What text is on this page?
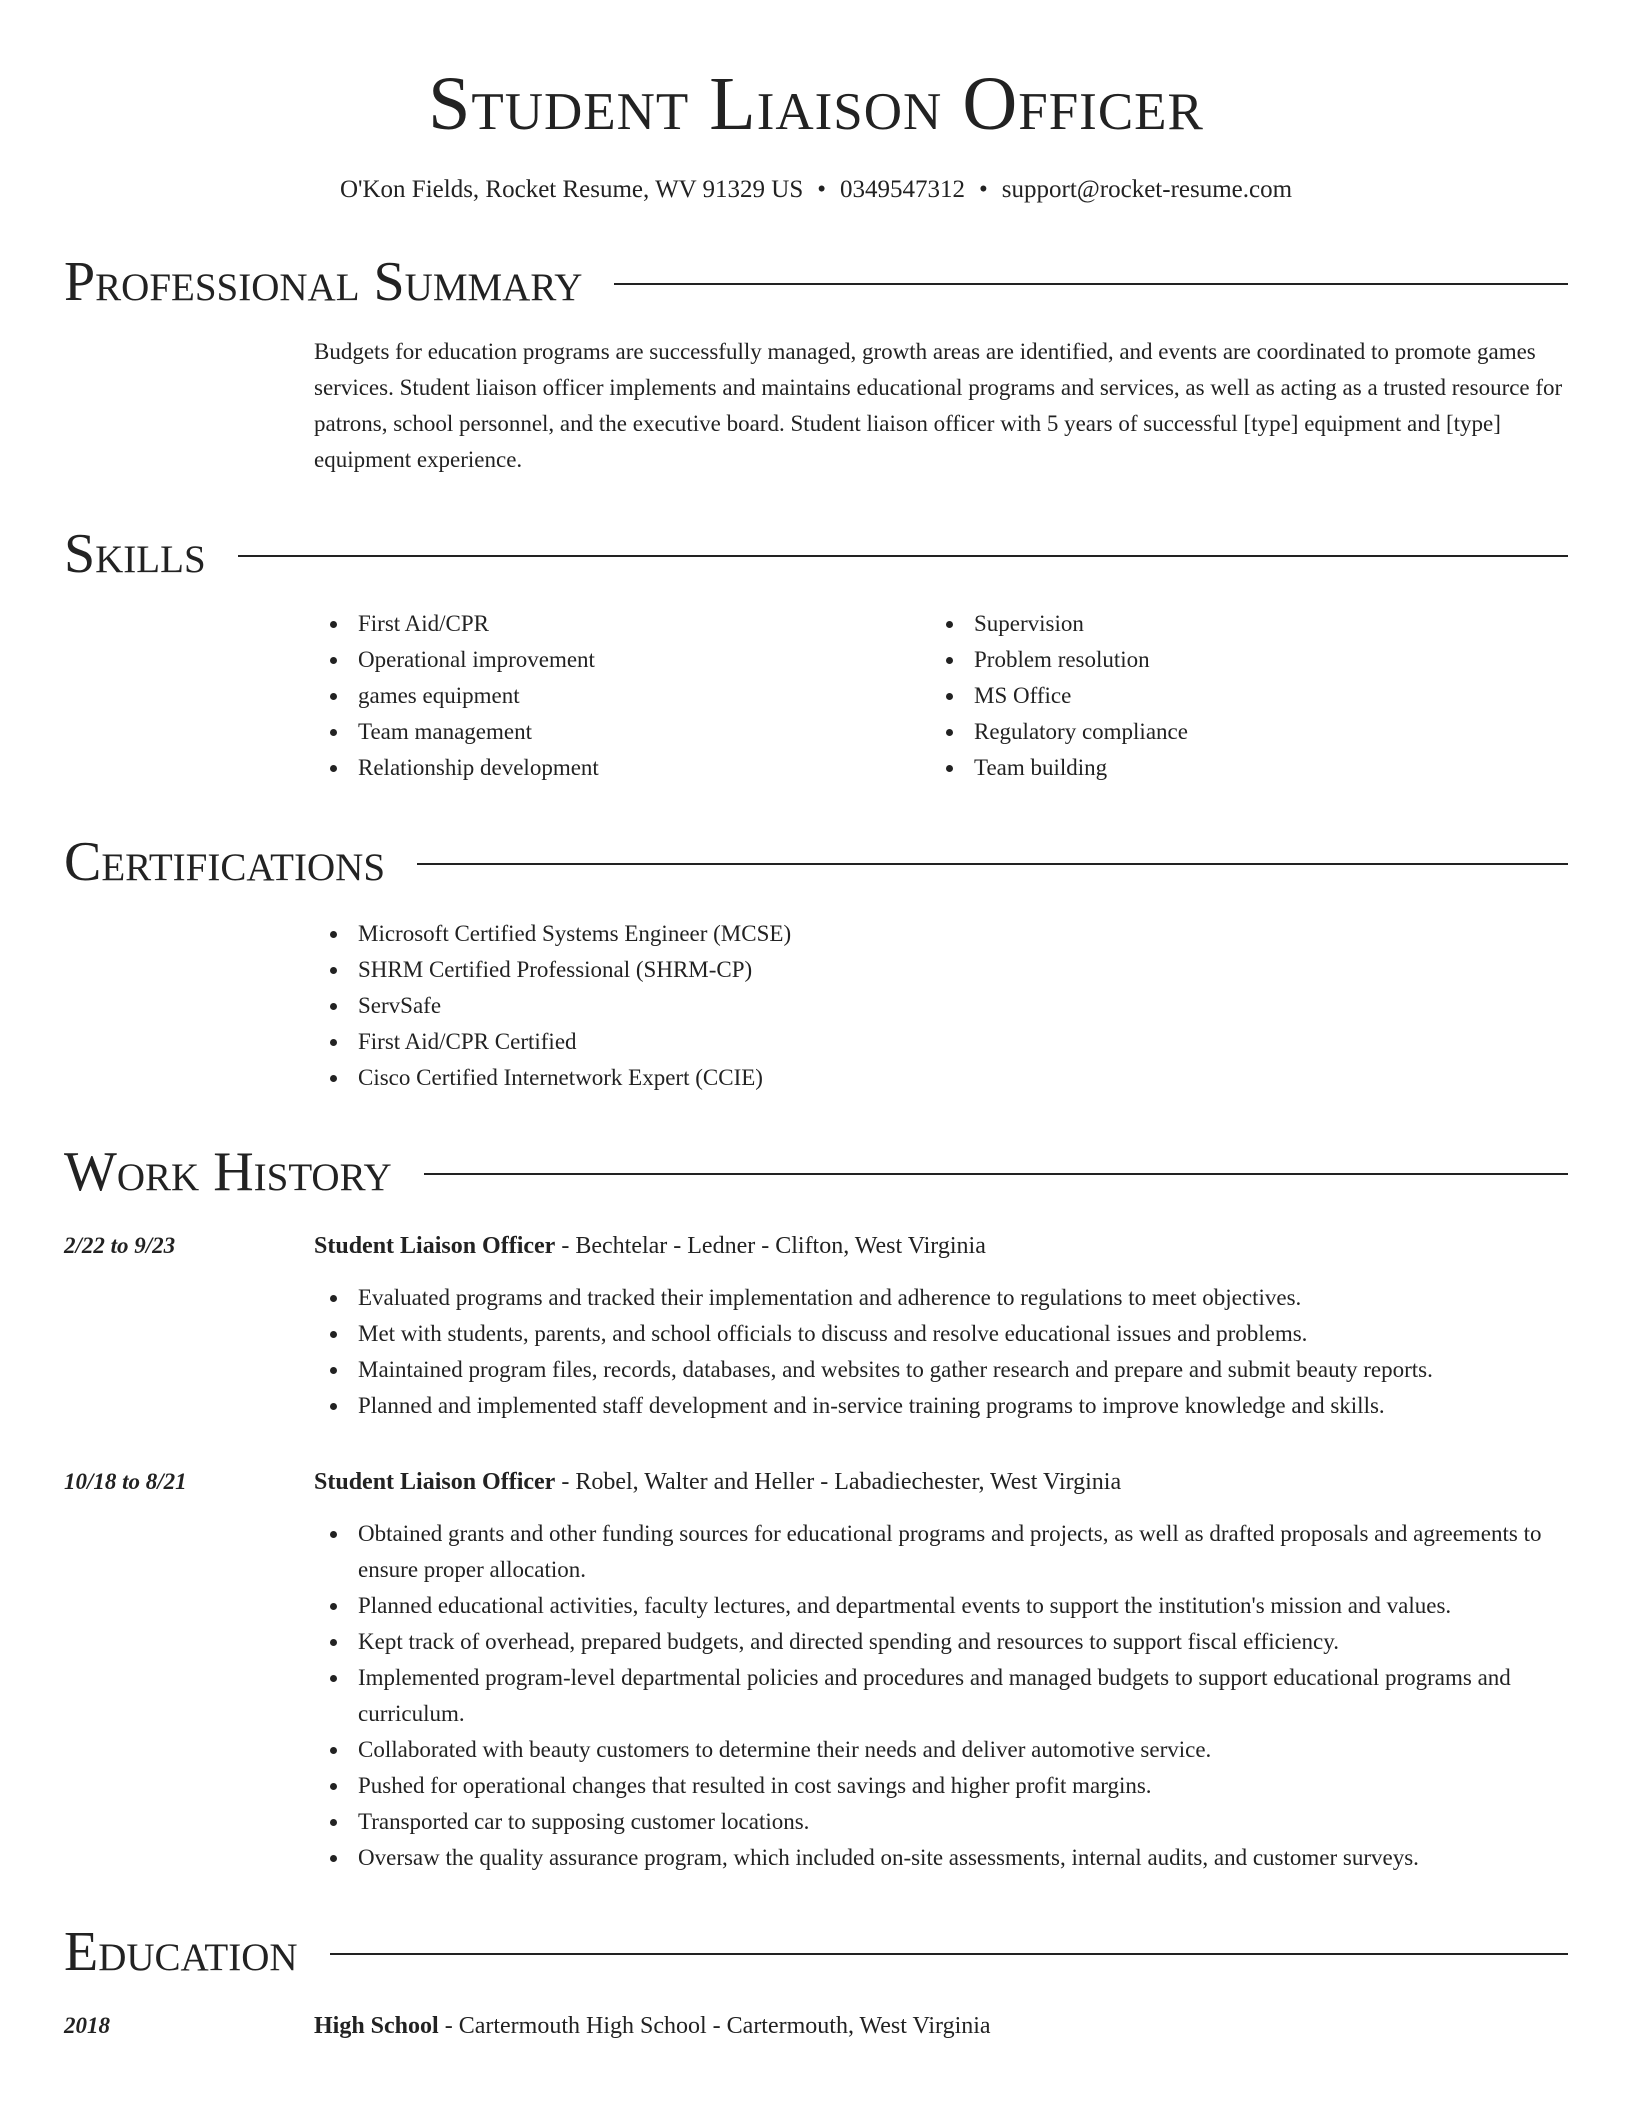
Student Liaison Officer
O'Kon Fields, Rocket Resume, WV 91329 US • 0349547312 • support@rocket-resume.com
Professional Summary

Budgets for education programs are successfully managed, growth areas are identified, and events are coordinated to promote games services. Student liaison officer implements and maintains educational programs and services, as well as acting as a trusted resource for patrons, school personnel, and the executive board. Student liaison officer with 5 years of successful [type] equipment and [type] equipment experience.

Skills
First Aid/CPR
Operational improvement
games equipment
Team management
Relationship development
Supervision
Problem resolution
MS Office
Regulatory compliance
Team building
Certifications
Microsoft Certified Systems Engineer (MCSE)
SHRM Certified Professional (SHRM-CP)
ServSafe
First Aid/CPR Certified
Cisco Certified Internetwork Expert (CCIE)
Work History
2/22 to 9/23	Student Liaison Officer - Bechtelar - Ledner - Clifton, West Virginia
Evaluated programs and tracked their implementation and adherence to regulations to meet objectives.
Met with students, parents, and school officials to discuss and resolve educational issues and problems.
Maintained program files, records, databases, and websites to gather research and prepare and submit beauty reports.
Planned and implemented staff development and in-service training programs to improve knowledge and skills.
10/18 to 8/21	Student Liaison Officer - Robel, Walter and Heller - Labadiechester, West Virginia
Obtained grants and other funding sources for educational programs and projects, as well as drafted proposals and agreements to ensure proper allocation.
Planned educational activities, faculty lectures, and departmental events to support the institution's mission and values.
Kept track of overhead, prepared budgets, and directed spending and resources to support fiscal efficiency.
Implemented program-level departmental policies and procedures and managed budgets to support educational programs and curriculum.
Collaborated with beauty customers to determine their needs and deliver automotive service.
Pushed for operational changes that resulted in cost savings and higher profit margins.
Transported car to supposing customer locations.
Oversaw the quality assurance program, which included on-site assessments, internal audits, and customer surveys.
Education
2018	High School - Cartermouth High School - Cartermouth, West Virginia
